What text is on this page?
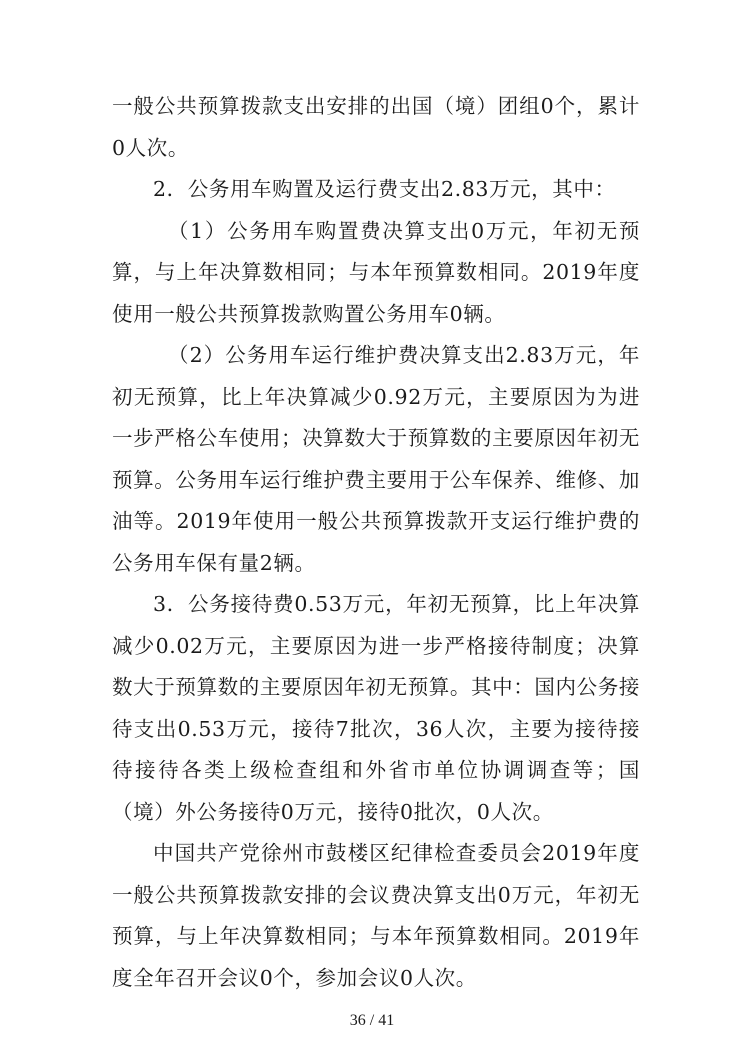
一般公共预算拨款支出安排的出国（境）团组0个，累计0人次。

2．公务用车购置及运行费支出2.83万元，其中：

（1）公务用车购置费决算支出0万元，年初无预算，与上年决算数相同；与本年预算数相同。2019年度使用一般公共预算拨款购置公务用车0辆。

（2）公务用车运行维护费决算支出2.83万元，年初无预算，比上年决算减少0.92万元，主要原因为为进一步严格公车使用；决算数大于预算数的主要原因年初无预算。公务用车运行维护费主要用于公车保养、维修、加油等。2019年使用一般公共预算拨款开支运行维护费的公务用车保有量2辆。

3．公务接待费0.53万元，年初无预算，比上年决算减少0.02万元，主要原因为进一步严格接待制度；决算数大于预算数的主要原因年初无预算。其中：国内公务接待支出0.53万元，接待7批次，36人次，主要为接待接待接待各类上级检查组和外省市单位协调调查等；国（境）外公务接待0万元，接待0批次，0人次。

中国共产党徐州市鼓楼区纪律检查委员会2019年度一般公共预算拨款安排的会议费决算支出0万元，年初无预算，与上年决算数相同；与本年预算数相同。2019年度全年召开会议0个，参加会议0人次。

36 / 41
